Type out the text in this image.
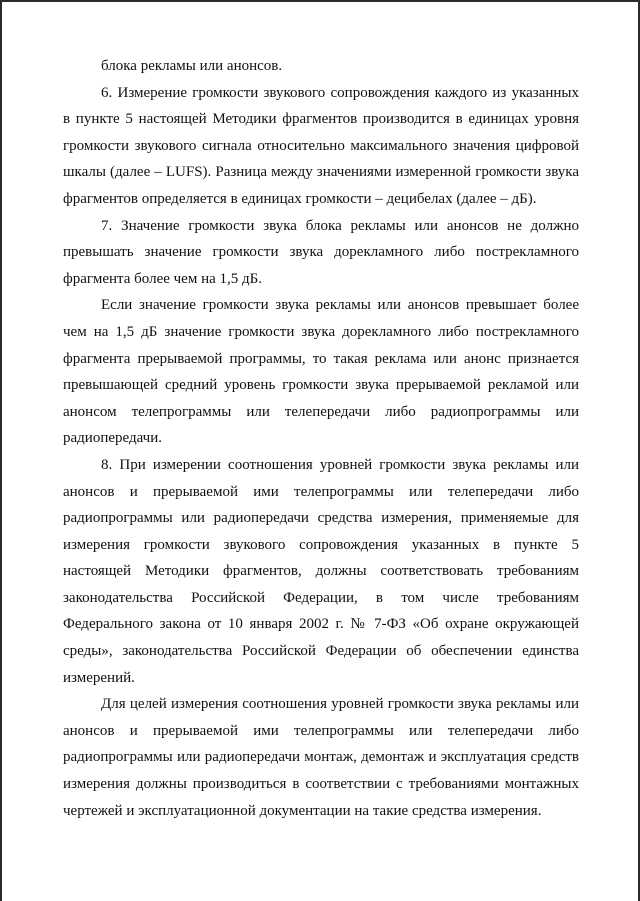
блока рекламы или анонсов.

6. Измерение громкости звукового сопровождения каждого из указанных в пункте 5 настоящей Методики фрагментов производится в единицах уровня громкости звукового сигнала относительно максимального значения цифровой шкалы (далее – LUFS). Разница между значениями измеренной громкости звука фрагментов определяется в единицах громкости – децибелах (далее – дБ).

7. Значение громкости звука блока рекламы или анонсов не должно превышать значение громкости звука дорекламного либо пострекламного фрагмента более чем на 1,5 дБ.

Если значение громкости звука рекламы или анонсов превышает более чем на 1,5 дБ значение громкости звука дорекламного либо пострекламного фрагмента прерываемой программы, то такая реклама или анонс признается превышающей средний уровень громкости звука прерываемой рекламой или анонсом телепрограммы или телепередачи либо радиопрограммы или радиопередачи.

8. При измерении соотношения уровней громкости звука рекламы или анонсов и прерываемой ими телепрограммы или телепередачи либо радиопрограммы или радиопередачи средства измерения, применяемые для измерения громкости звукового сопровождения указанных в пункте 5 настоящей Методики фрагментов, должны соответствовать требованиям законодательства Российской Федерации, в том числе требованиям Федерального закона от 10 января 2002 г. № 7-ФЗ «Об охране окружающей среды», законодательства Российской Федерации об обеспечении единства измерений.

Для целей измерения соотношения уровней громкости звука рекламы или анонсов и прерываемой ими телепрограммы или телепередачи либо радиопрограммы или радиопередачи монтаж, демонтаж и эксплуатация средств измерения должны производиться в соответствии с требованиями монтажных чертежей и эксплуатационной документации на такие средства измерения.
